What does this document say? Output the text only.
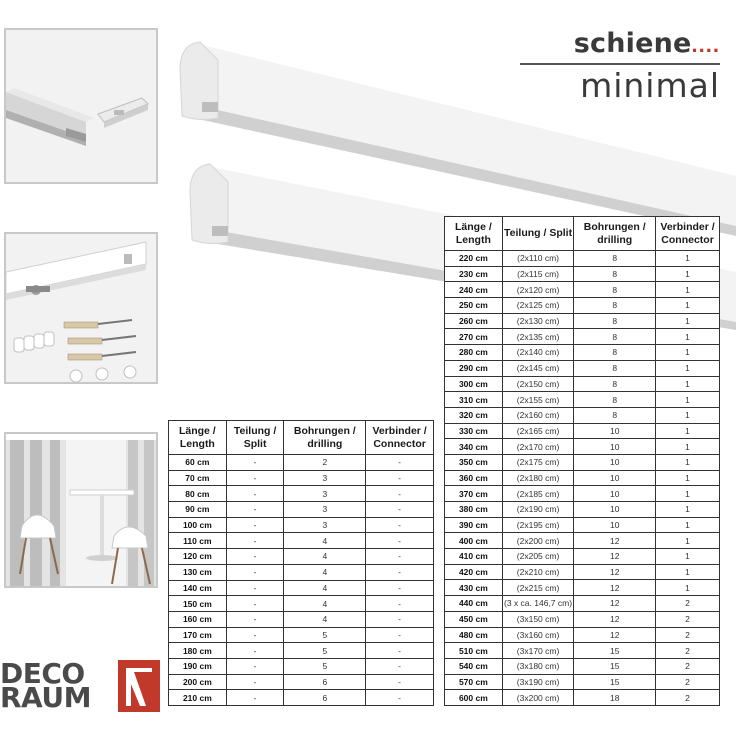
schiene....
minimal
Länge / Length	Teilung / Split	Bohrungen / drilling	Verbinder / Connector
60 cm	-	2	-
70 cm	-	3	-
80 cm	-	3	-
90 cm	-	3	-
100 cm	-	3	-
110 cm	-	4	-
120 cm	-	4	-
130 cm	-	4	-
140 cm	-	4	-
150 cm	-	4	-
160 cm	-	4	-
170 cm	-	5	-
180 cm	-	5	-
190 cm	-	5	-
200 cm	-	6	-
210 cm	-	6	-
Länge / Length	Teilung / Split	Bohrungen / drilling	Verbinder / Connector
220 cm	(2x110 cm)	8	1
230 cm	(2x115 cm)	8	1
240 cm	(2x120 cm)	8	1
250 cm	(2x125 cm)	8	1
260 cm	(2x130 cm)	8	1
270 cm	(2x135 cm)	8	1
280 cm	(2x140 cm)	8	1
290 cm	(2x145 cm)	8	1
300 cm	(2x150 cm)	8	1
310 cm	(2x155 cm)	8	1
320 cm	(2x160 cm)	8	1
330 cm	(2x165 cm)	10	1
340 cm	(2x170 cm)	10	1
350 cm	(2x175 cm)	10	1
360 cm	(2x180 cm)	10	1
370 cm	(2x185 cm)	10	1
380 cm	(2x190 cm)	10	1
390 cm	(2x195 cm)	10	1
400 cm	(2x200 cm)	12	1
410 cm	(2x205 cm)	12	1
420 cm	(2x210 cm)	12	1
430 cm	(2x215 cm)	12	1
440 cm	(3 x ca. 146,7 cm)	12	2
450 cm	(3x150 cm)	12	2
480 cm	(3x160 cm)	12	2
510 cm	(3x170 cm)	15	2
540 cm	(3x180 cm)	15	2
570 cm	(3x190 cm)	15	2
600 cm	(3x200 cm)	18	2
DECO
RAUM
